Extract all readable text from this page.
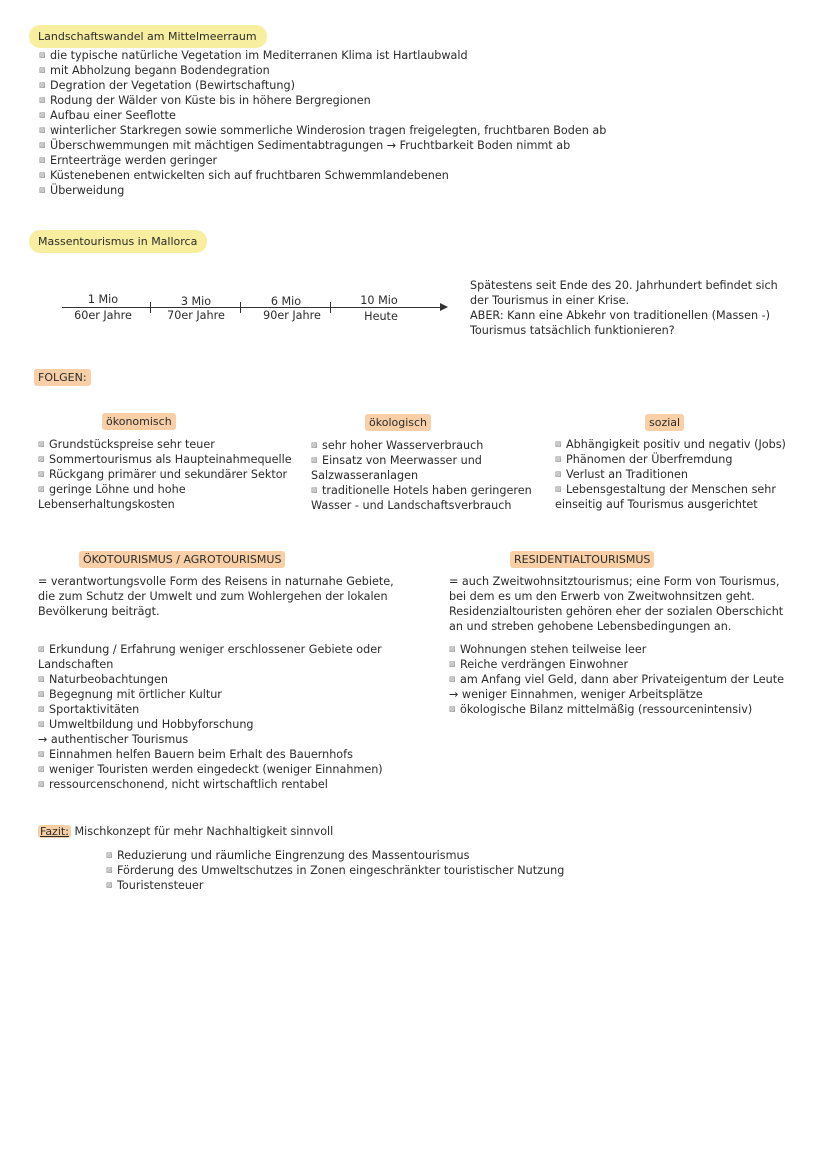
Landschaftswandel am Mittelmeerraum
▨ die typische natürliche Vegetation im Mediterranen Klima ist Hartlaubwald
▨ mit Abholzung begann Bodendegration
▨ Degration der Vegetation (Bewirtschaftung)
▨ Rodung der Wälder von Küste bis in höhere Bergregionen
▨ Aufbau einer Seeflotte
▨ winterlicher Starkregen sowie sommerliche Winderosion tragen freigelegten, fruchtbaren Boden ab
▨ Überschwemmungen mit mächtigen Sedimentabtragungen → Fruchtbarkeit Boden nimmt ab
▨ Ernteerträge werden geringer
▨ Küstenebenen entwickelten sich auf fruchtbaren Schwemmlandebenen
▨ Überweidung
Massentourismus in Mallorca
1 Mio
60er Jahre
3 Mio
70er Jahre
6 Mio
90er Jahre
10 Mio
Heute
Spätestens seit Ende des 20. Jahrhundert befindet sich
der Tourismus in einer Krise.
ABER: Kann eine Abkehr von traditionellen (Massen -)
Tourismus tatsächlich funktionieren?
FOLGEN:
ökonomisch
▨ Grundstückspreise sehr teuer
▨ Sommertourismus als Haupteinahmequelle
▨ Rückgang primärer und sekundärer Sektor
▨ geringe Löhne und hohe Lebenserhaltungskosten
ökologisch
▨ sehr hoher Wasserverbrauch
▨ Einsatz von Meerwasser und Salzwasseranlagen
▨ traditionelle Hotels haben geringeren Wasser - und Landschaftsverbrauch
sozial
▨ Abhängigkeit positiv und negativ (Jobs)
▨ Phänomen der Überfremdung
▨ Verlust an Traditionen
▨ Lebensgestaltung der Menschen sehr einseitig auf Tourismus ausgerichtet
ÖKOTOURISMUS / AGROTOURISMUS
= verantwortungsvolle Form des Reisens in naturnahe Gebiete, die zum Schutz der Umwelt und zum Wohlergehen der lokalen Bevölkerung beiträgt.
▨ Erkundung / Erfahrung weniger erschlossener Gebiete oder Landschaften
▨ Naturbeobachtungen
▨ Begegnung mit örtlicher Kultur
▨ Sportaktivitäten
▨ Umweltbildung und Hobbyforschung
→ authentischer Tourismus
▨ Einnahmen helfen Bauern beim Erhalt des Bauernhofs
▨ weniger Touristen werden eingedeckt (weniger Einnahmen)
▨ ressourcenschonend, nicht wirtschaftlich rentabel
RESIDENTIALTOURISMUS
= auch Zweitwohnsitztourismus; eine Form von Tourismus, bei dem es um den Erwerb von Zweitwohnsitzen geht. Residenzialtouristen gehören eher der sozialen Oberschicht an und streben gehobene Lebensbedingungen an.
▨ Wohnungen stehen teilweise leer
▨ Reiche verdrängen Einwohner
▨ am Anfang viel Geld, dann aber Privateigentum der Leute
→ weniger Einnahmen, weniger Arbeitsplätze
▨ ökologische Bilanz mittelmäßig (ressourcenintensiv)
Fazit: Mischkonzept für mehr Nachhaltigkeit sinnvoll
▨ Reduzierung und räumliche Eingrenzung des Massentourismus
▨ Förderung des Umweltschutzes in Zonen eingeschränkter touristischer Nutzung
▨ Touristensteuer
